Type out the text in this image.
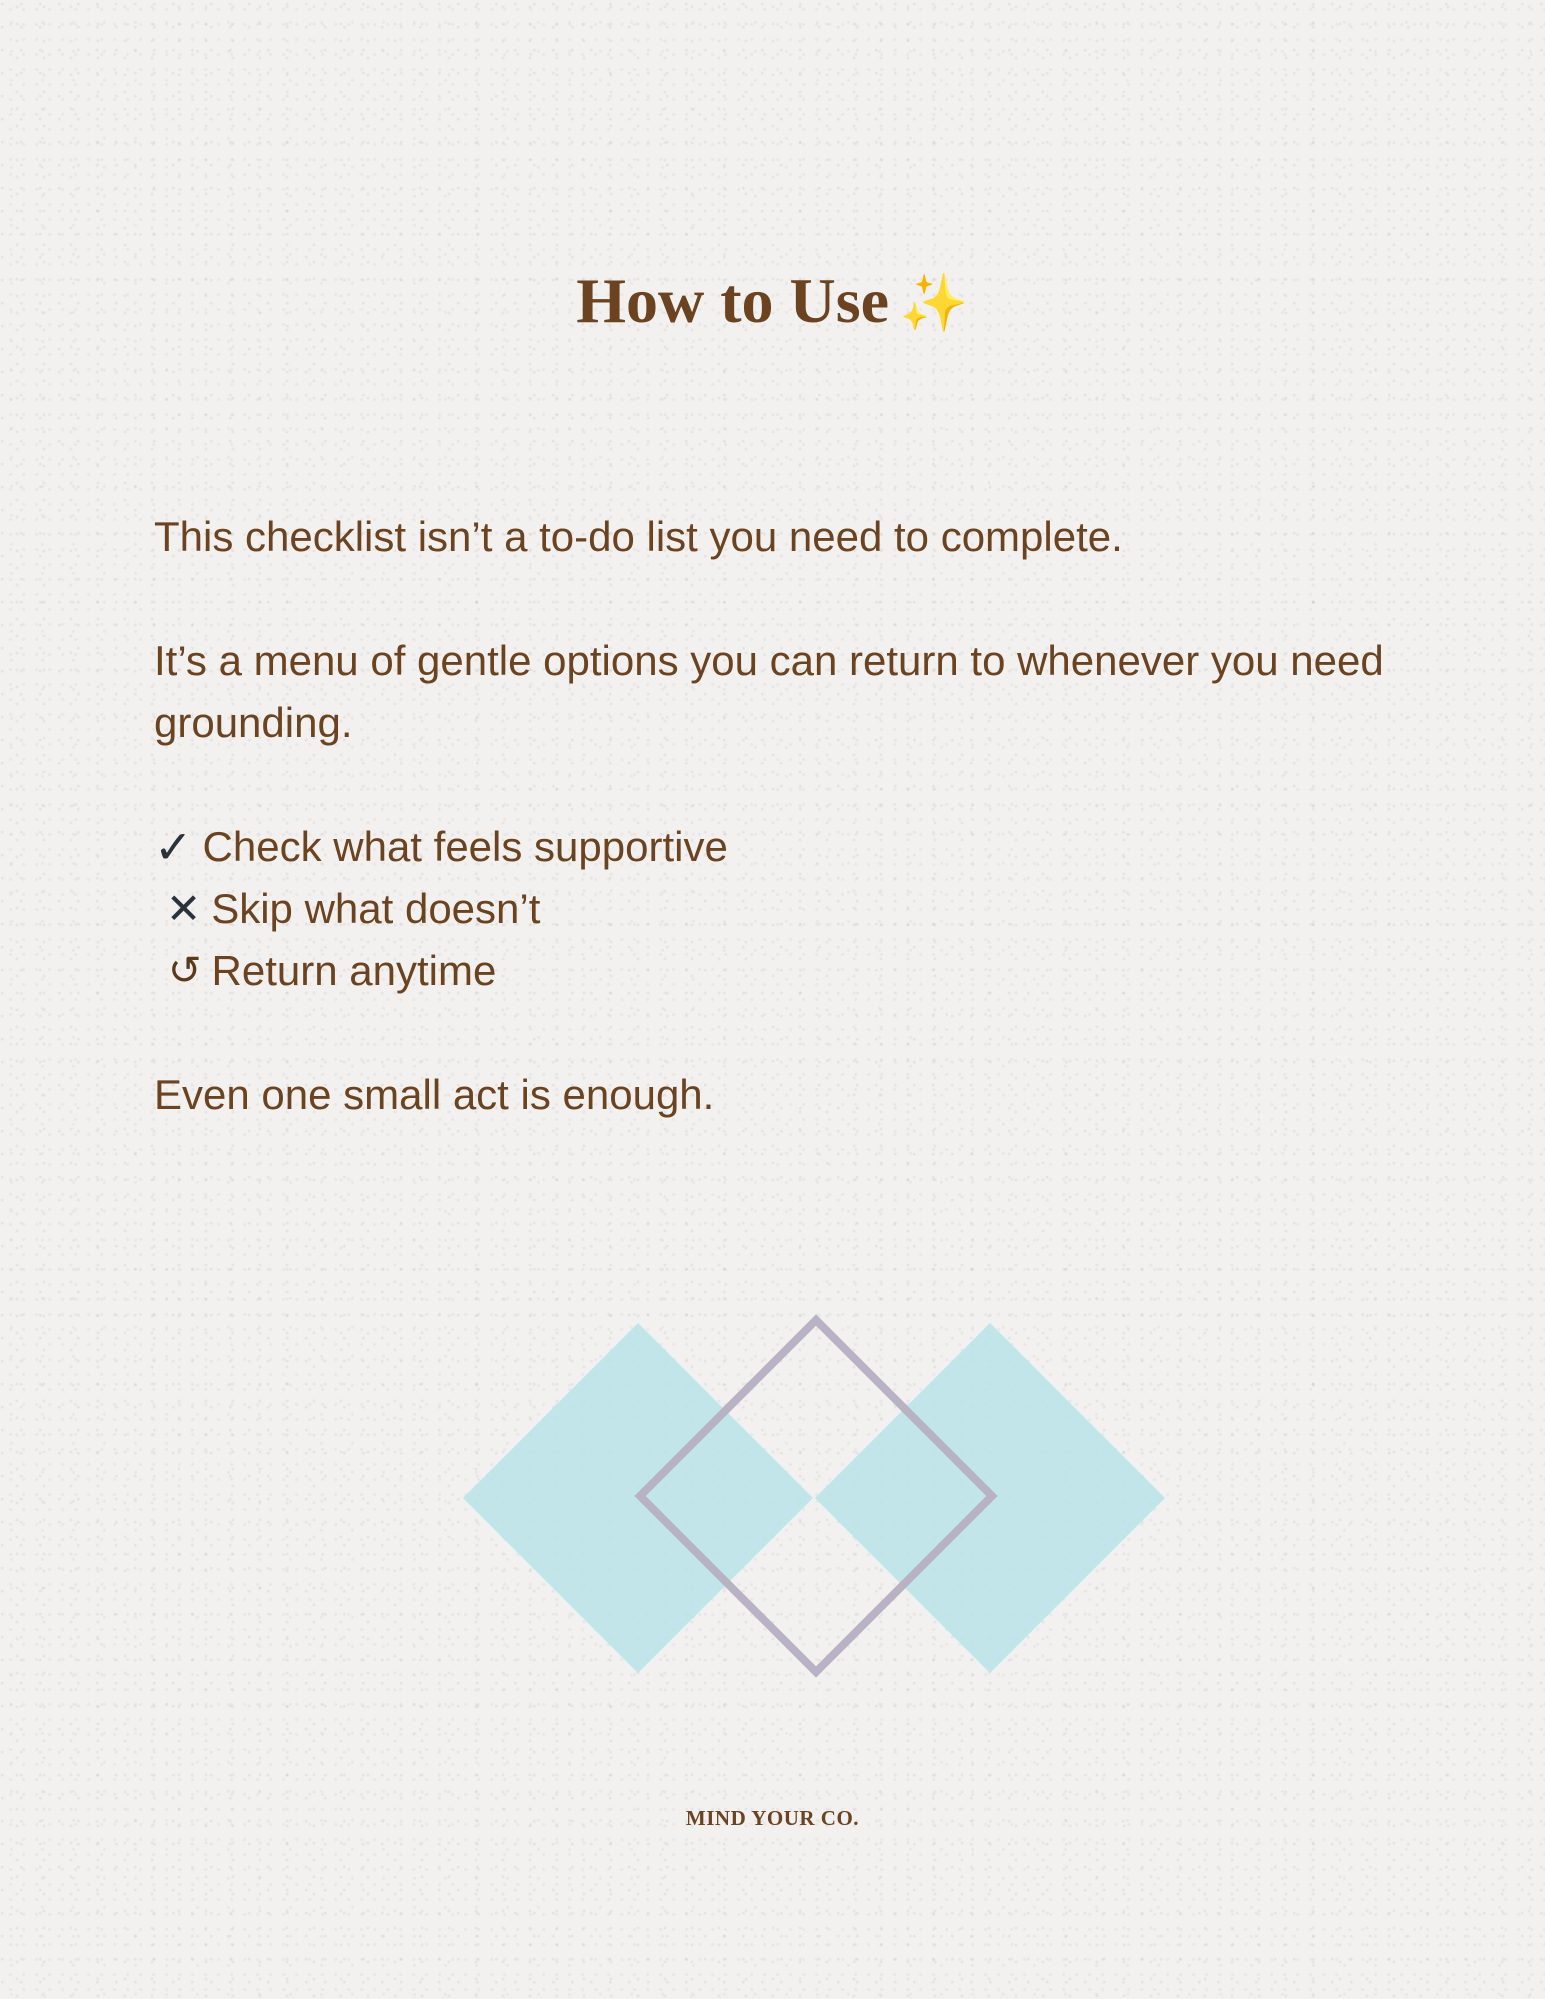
How to Use ✨

This checklist isn’t a to-do list you need to complete.

It’s a menu of gentle options you can return to whenever you need grounding.

✓ Check what feels supportive
✕ Skip what doesn’t
↺ Return anytime

Even one small act is enough.

MIND YOUR CO.
